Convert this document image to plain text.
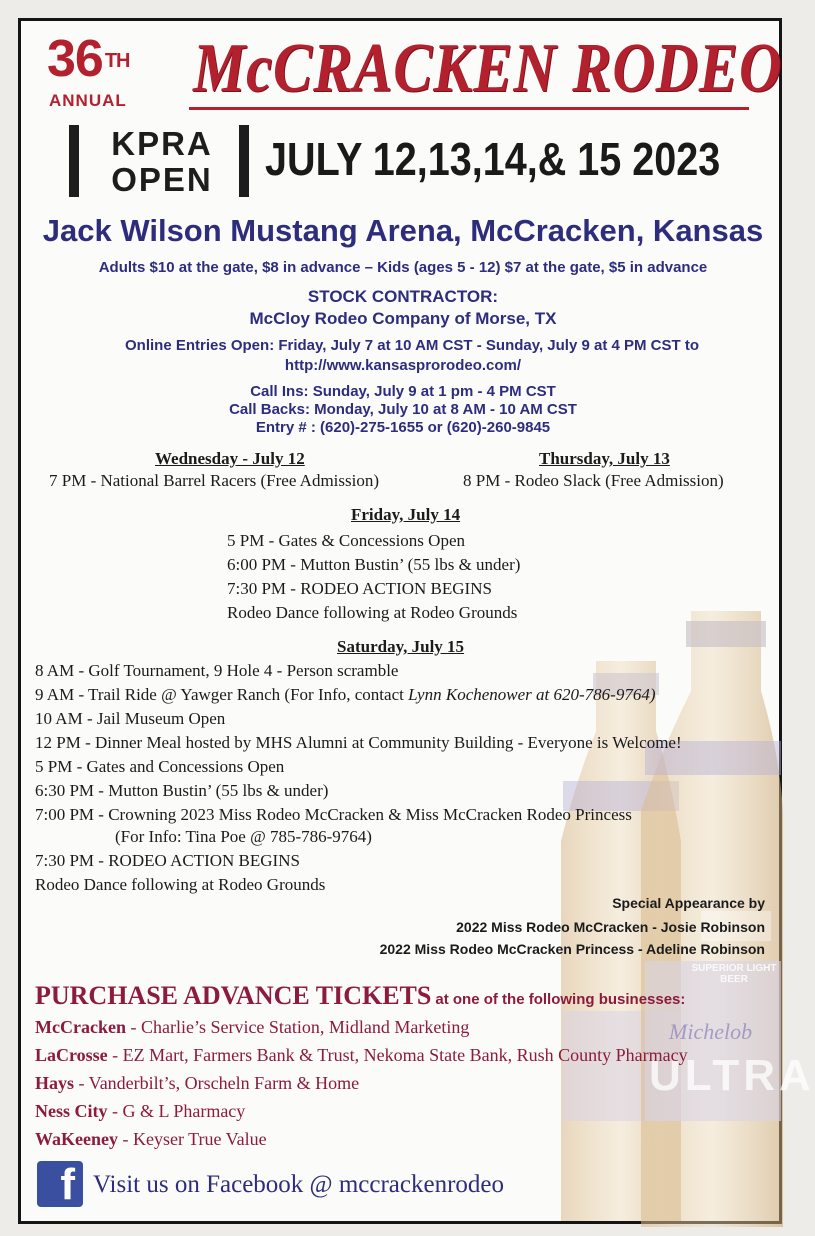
SUPERIOR LIGHT BEER
Michelob
ULTRA
36 $^{TH}$
ANNUAL McCRACKEN RODEO
KPRA
OPEN	JULY 12,13,14,& 15 2023
Jack Wilson Mustang Arena, McCracken, Kansas
Adults $10 at the gate, $8 in advance – Kids (ages 5 - 12) $7 at the gate, $5 in advance
STOCK CONTRACTOR:
McCloy Rodeo Company of Morse, TX
Online Entries Open: Friday, July 7 at 10 AM CST - Sunday, July 9 at 4 PM CST to
http://www.kansasprorodeo.com/
Call Ins: Sunday, July 9 at 1 pm - 4 PM CST
Call Backs: Monday, July 10 at 8 AM - 10 AM CST
Entry # : (620)-275-1655 or (620)-260-9845
Wednesday - July 12
7 PM - National Barrel Racers (Free Admission)
Thursday, July 13
8 PM - Rodeo Slack (Free Admission)
Friday, July 14
5 PM - Gates & Concessions Open
6:00 PM - Mutton Bustin’ (55 lbs & under)
7:30 PM - RODEO ACTION BEGINS
Rodeo Dance following at Rodeo Grounds
Saturday, July 15
8 AM - Golf Tournament, 9 Hole 4 - Person scramble
9 AM - Trail Ride @ Yawger Ranch (For Info, contact Lynn Kochenower at 620-786-9764)
10 AM - Jail Museum Open
12 PM - Dinner Meal hosted by MHS Alumni at Community Building - Everyone is Welcome!
5 PM - Gates and Concessions Open
6:30 PM - Mutton Bustin’ (55 lbs & under)
7:00 PM - Crowning 2023 Miss Rodeo McCracken & Miss McCracken Rodeo Princess
(For Info: Tina Poe @ 785-786-9764)
7:30 PM - RODEO ACTION BEGINS
Rodeo Dance following at Rodeo Grounds
Special Appearance by
2022 Miss Rodeo McCracken - Josie Robinson
2022 Miss Rodeo McCracken Princess - Adeline Robinson
PURCHASE ADVANCE TICKETS at one of the following businesses:
McCracken - Charlie’s Service Station, Midland Marketing
LaCrosse - EZ Mart, Farmers Bank & Trust, Nekoma State Bank, Rush County Pharmacy
Hays - Vanderbilt’s, Orscheln Farm & Home
Ness City - G & L Pharmacy
WaKeeney - Keyser True Value
f Visit us on Facebook @ mccrackenrodeo
